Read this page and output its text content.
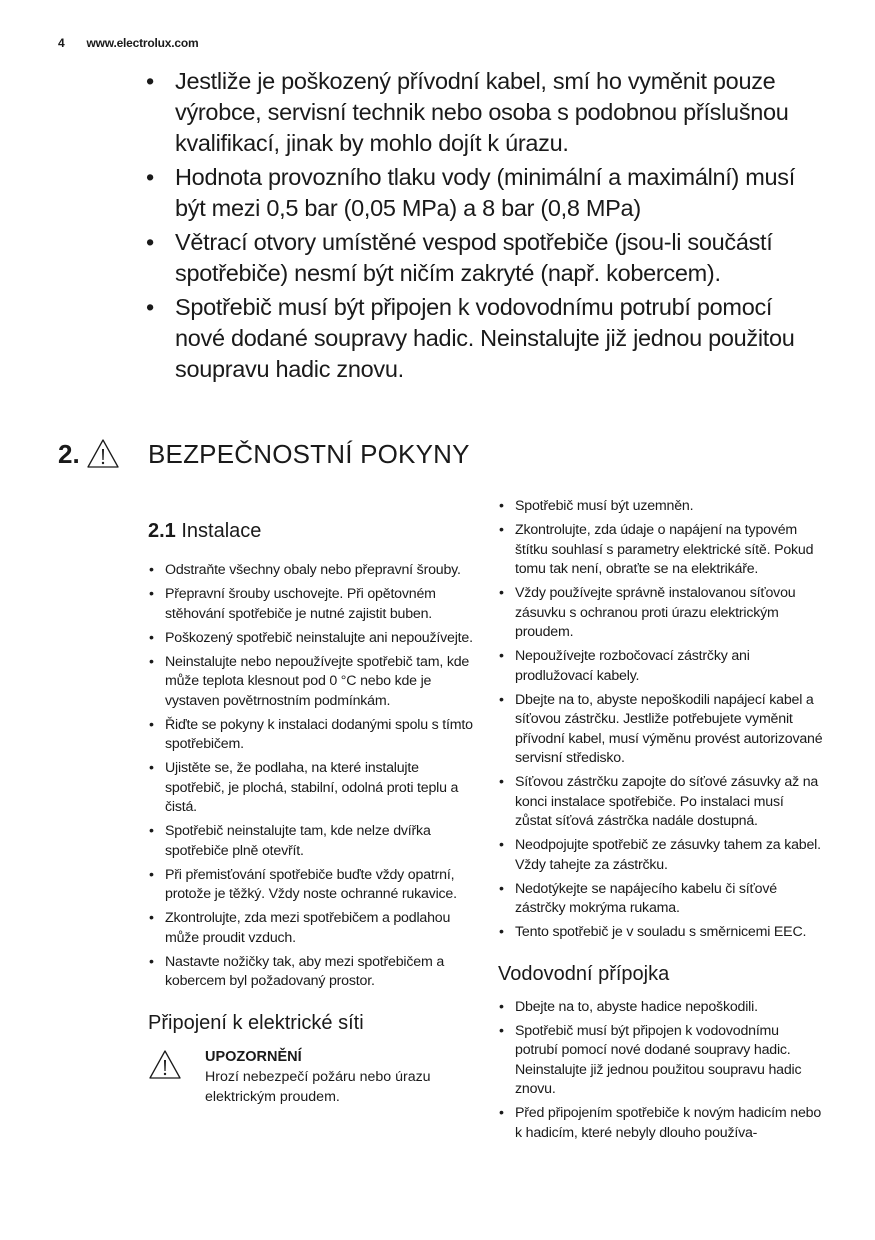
4 www.electrolux.com
• Jestliže je poškozený přívodní kabel, smí ho vyměnit pouze výrobce, servisní technik nebo osoba s podobnou příslušnou kvalifikací, jinak by mohlo dojít k úrazu.
• Hodnota provozního tlaku vody (minimální a maximální) musí být mezi 0,5 bar (0,05 MPa) a 8 bar (0,8 MPa)
• Větrací otvory umístěné vespod spotřebiče (jsou-li součástí spotřebiče) nesmí být ničím zakryté (např. kobercem).
• Spotřebič musí být připojen k vodovodnímu potrubí pomocí nové dodané soupravy hadic. Neinstalujte již jednou použitou soupravu hadic znovu.
2.	BEZPEČNOSTNÍ POKYNY
2.1 Instalace
• Odstraňte všechny obaly nebo přepravní šrouby.
• Přepravní šrouby uschovejte. Při opětovném stěhování spotřebiče je nutné zajistit buben.
• Poškozený spotřebič neinstalujte ani nepoužívejte.
• Neinstalujte nebo nepoužívejte spotřebič tam, kde může teplota klesnout pod 0 °C nebo kde je vystaven povětrnostním podmínkám.
• Řiďte se pokyny k instalaci dodanými spolu s tímto spotřebičem.
• Ujistěte se, že podlaha, na které instalujte spotřebič, je plochá, stabilní, odolná proti teplu a čistá.
• Spotřebič neinstalujte tam, kde nelze dvířka spotřebiče plně otevřít.
• Při přemisťování spotřebiče buďte vždy opatrní, protože je těžký. Vždy noste ochranné rukavice.
• Zkontrolujte, zda mezi spotřebičem a podlahou může proudit vzduch.
• Nastavte nožičky tak, aby mezi spotřebičem a kobercem byl požadovaný prostor.
Připojení k elektrické síti
UPOZORNĚNÍ
Hrozí nebezpečí požáru nebo úrazu elektrickým proudem.
• Spotřebič musí být uzemněn.
• Zkontrolujte, zda údaje o napájení na typovém štítku souhlasí s parametry elektrické sítě. Pokud tomu tak není, obraťte se na elektrikáře.
• Vždy používejte správně instalovanou síťovou zásuvku s ochranou proti úrazu elektrickým proudem.
• Nepoužívejte rozbočovací zástrčky ani prodlužovací kabely.
• Dbejte na to, abyste nepoškodili napájecí kabel a síťovou zástrčku. Jestliže potřebujete vyměnit přívodní kabel, musí výměnu provést autorizované servisní středisko.
• Síťovou zástrčku zapojte do síťové zásuvky až na konci instalace spotřebiče. Po instalaci musí zůstat síťová zástrčka nadále dostupná.
• Neodpojujte spotřebič ze zásuvky tahem za kabel. Vždy tahejte za zástrčku.
• Nedotýkejte se napájecího kabelu či síťové zástrčky mokrýma rukama.
• Tento spotřebič je v souladu s směrnicemi EEC.
Vodovodní přípojka
• Dbejte na to, abyste hadice nepoškodili.
• Spotřebič musí být připojen k vodovodnímu potrubí pomocí nové dodané soupravy hadic. Neinstalujte již jednou použitou soupravu hadic znovu.
• Před připojením spotřebiče k novým hadicím nebo k hadicím, které nebyly dlouho používa-
